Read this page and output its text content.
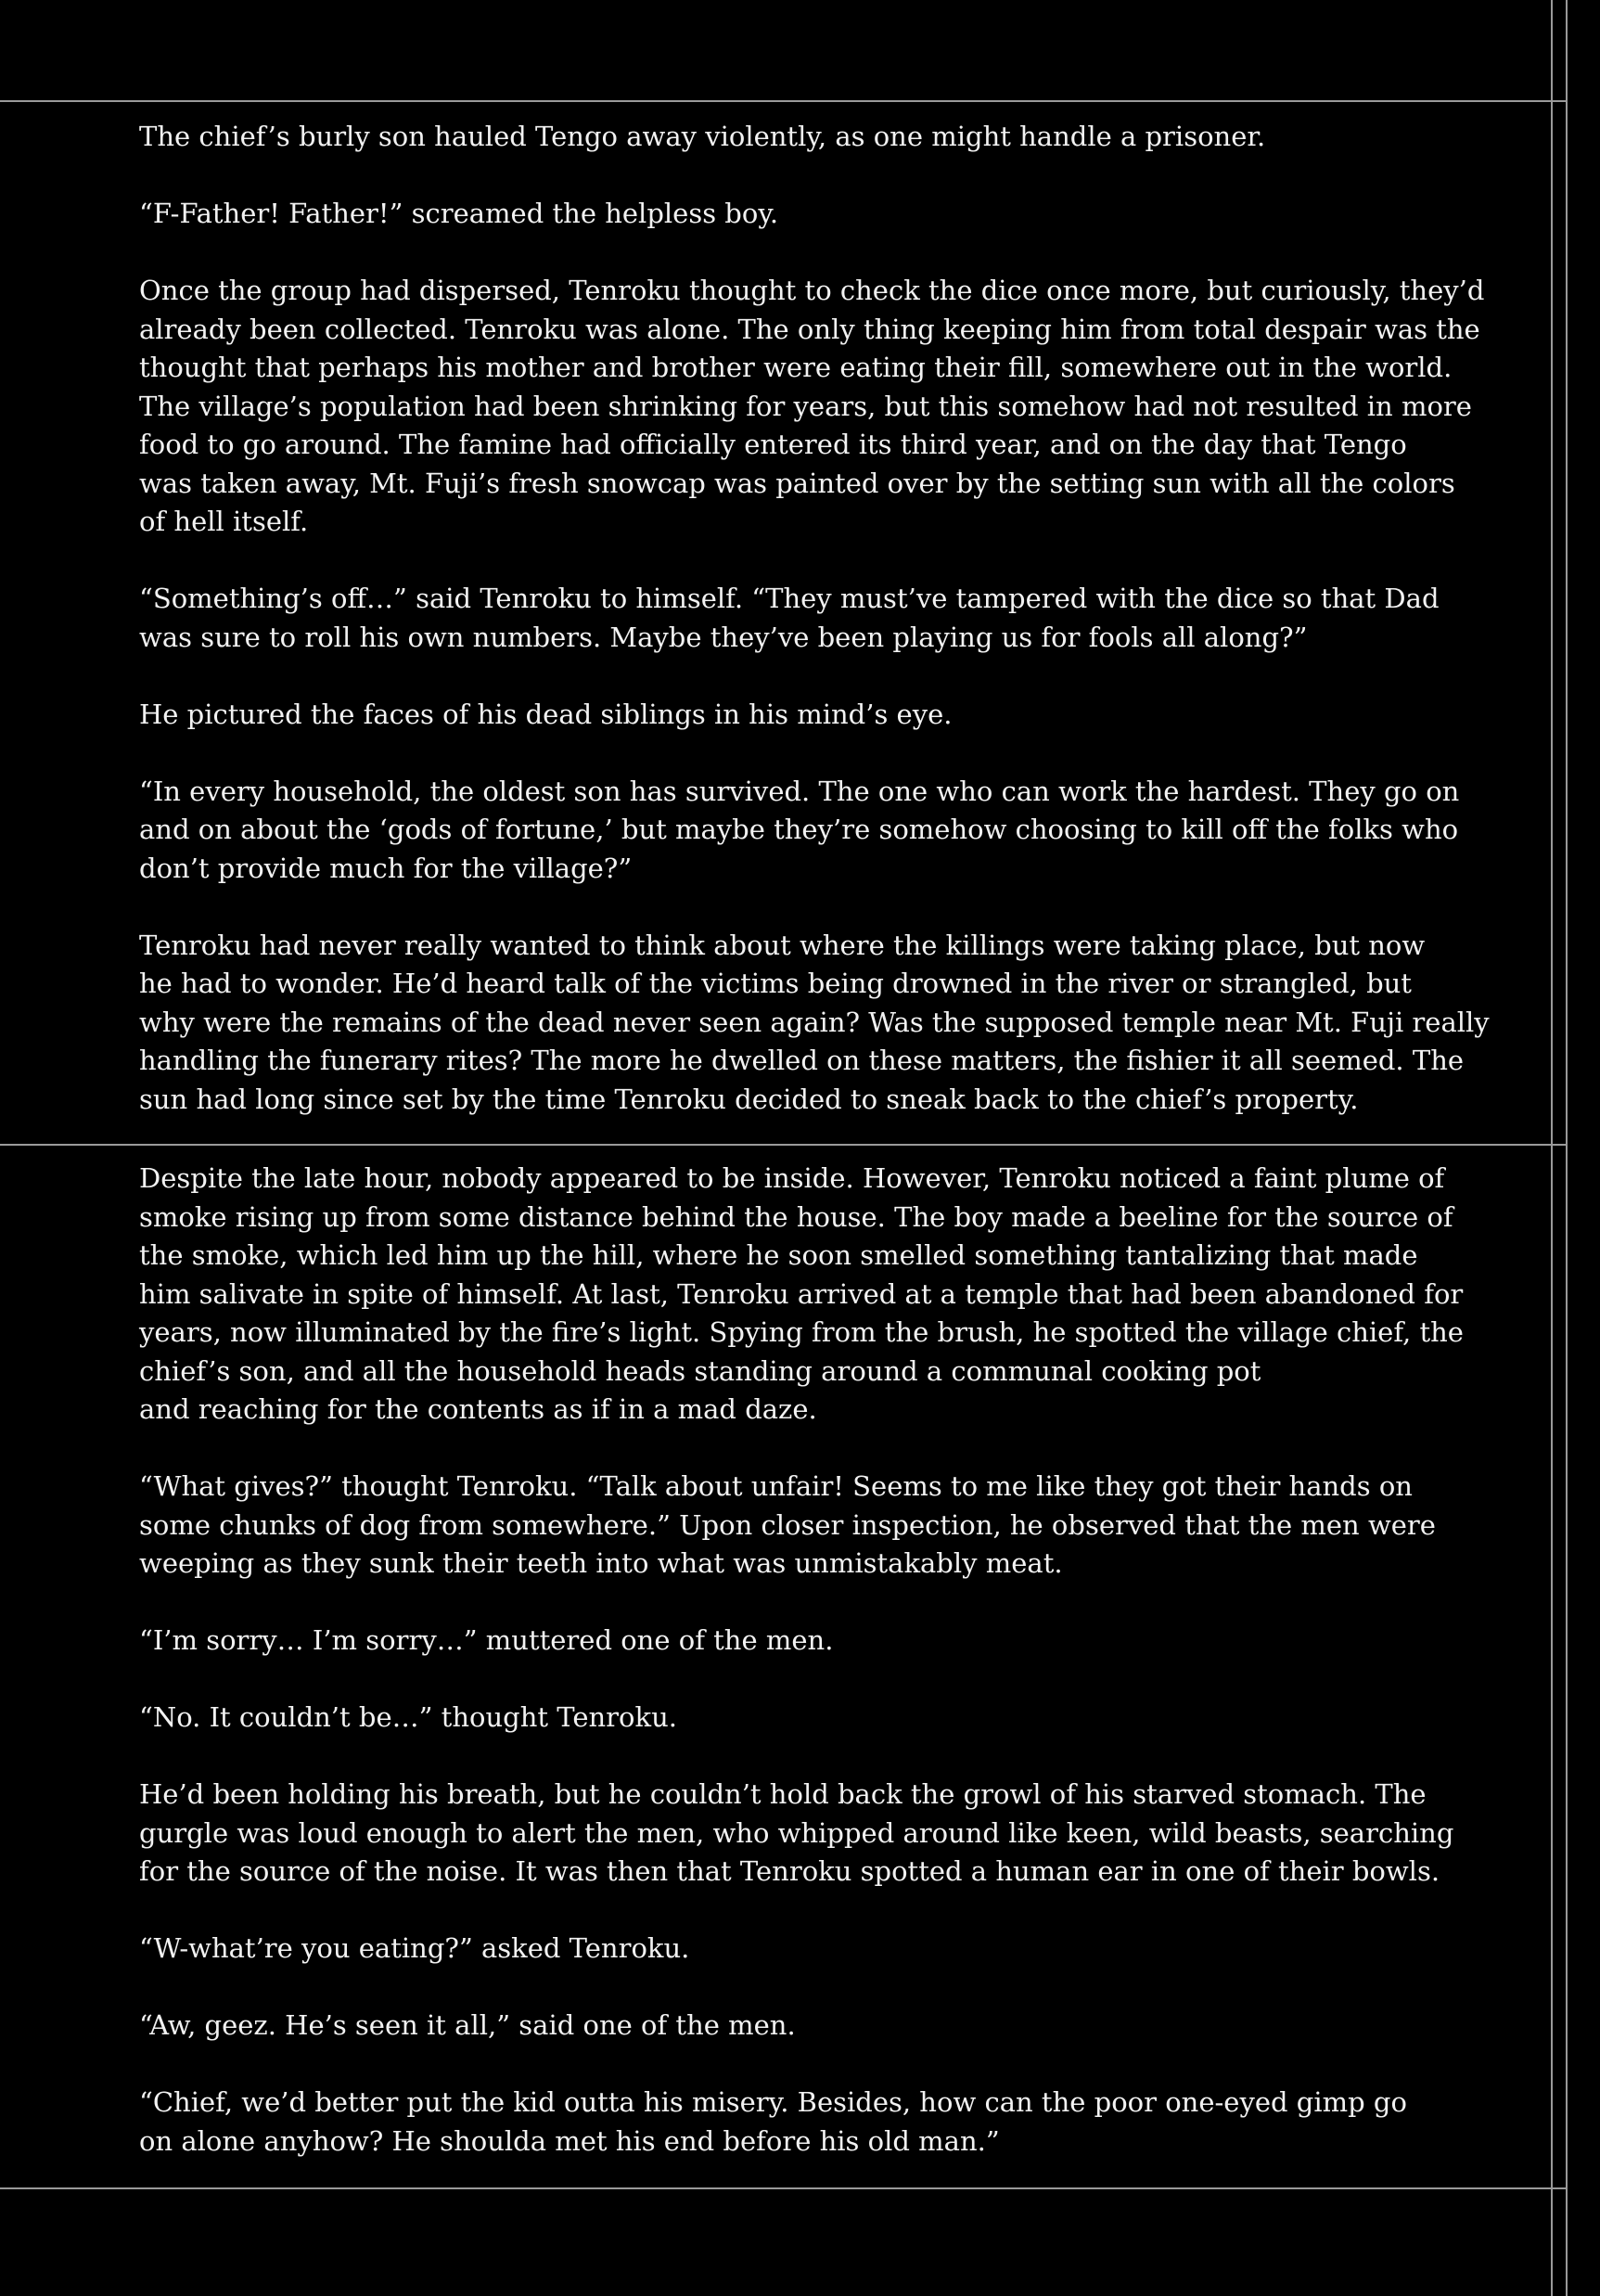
The chief’s burly son hauled Tengo away violently, as one might handle a prisoner.

“F-Father! Father!” screamed the helpless boy.

Once the group had dispersed, Tenroku thought to check the dice once more, but curiously, they’d
already been collected. Tenroku was alone. The only thing keeping him from total despair was the
thought that perhaps his mother and brother were eating their fill, somewhere out in the world.
The village’s population had been shrinking for years, but this somehow had not resulted in more
food to go around. The famine had officially entered its third year, and on the day that Tengo
was taken away, Mt. Fuji’s fresh snowcap was painted over by the setting sun with all the colors
of hell itself.

“Something’s off…” said Tenroku to himself. “They must’ve tampered with the dice so that Dad
was sure to roll his own numbers. Maybe they’ve been playing us for fools all along?”

He pictured the faces of his dead siblings in his mind’s eye.

“In every household, the oldest son has survived. The one who can work the hardest. They go on
and on about the ‘gods of fortune,’ but maybe they’re somehow choosing to kill off the folks who
don’t provide much for the village?”

Tenroku had never really wanted to think about where the killings were taking place, but now
he had to wonder. He’d heard talk of the victims being drowned in the river or strangled, but
why were the remains of the dead never seen again? Was the supposed temple near Mt. Fuji really
handling the funerary rites? The more he dwelled on these matters, the fishier it all seemed. The
sun had long since set by the time Tenroku decided to sneak back to the chief’s property.

Despite the late hour, nobody appeared to be inside. However, Tenroku noticed a faint plume of
smoke rising up from some distance behind the house. The boy made a beeline for the source of
the smoke, which led him up the hill, where he soon smelled something tantalizing that made
him salivate in spite of himself. At last, Tenroku arrived at a temple that had been abandoned for
years, now illuminated by the fire’s light. Spying from the brush, he spotted the village chief, the
chief’s son, and all the household heads standing around a communal cooking pot
and reaching for the contents as if in a mad daze.

“What gives?” thought Tenroku. “Talk about unfair! Seems to me like they got their hands on
some chunks of dog from somewhere.” Upon closer inspection, he observed that the men were
weeping as they sunk their teeth into what was unmistakably meat.

“I’m sorry… I’m sorry…” muttered one of the men.

“No. It couldn’t be…” thought Tenroku.

He’d been holding his breath, but he couldn’t hold back the growl of his starved stomach. The
gurgle was loud enough to alert the men, who whipped around like keen, wild beasts, searching
for the source of the noise. It was then that Tenroku spotted a human ear in one of their bowls.

“W-what’re you eating?” asked Tenroku.

“Aw, geez. He’s seen it all,” said one of the men.

“Chief, we’d better put the kid outta his misery. Besides, how can the poor one-eyed gimp go
on alone anyhow? He shoulda met his end before his old man.”
